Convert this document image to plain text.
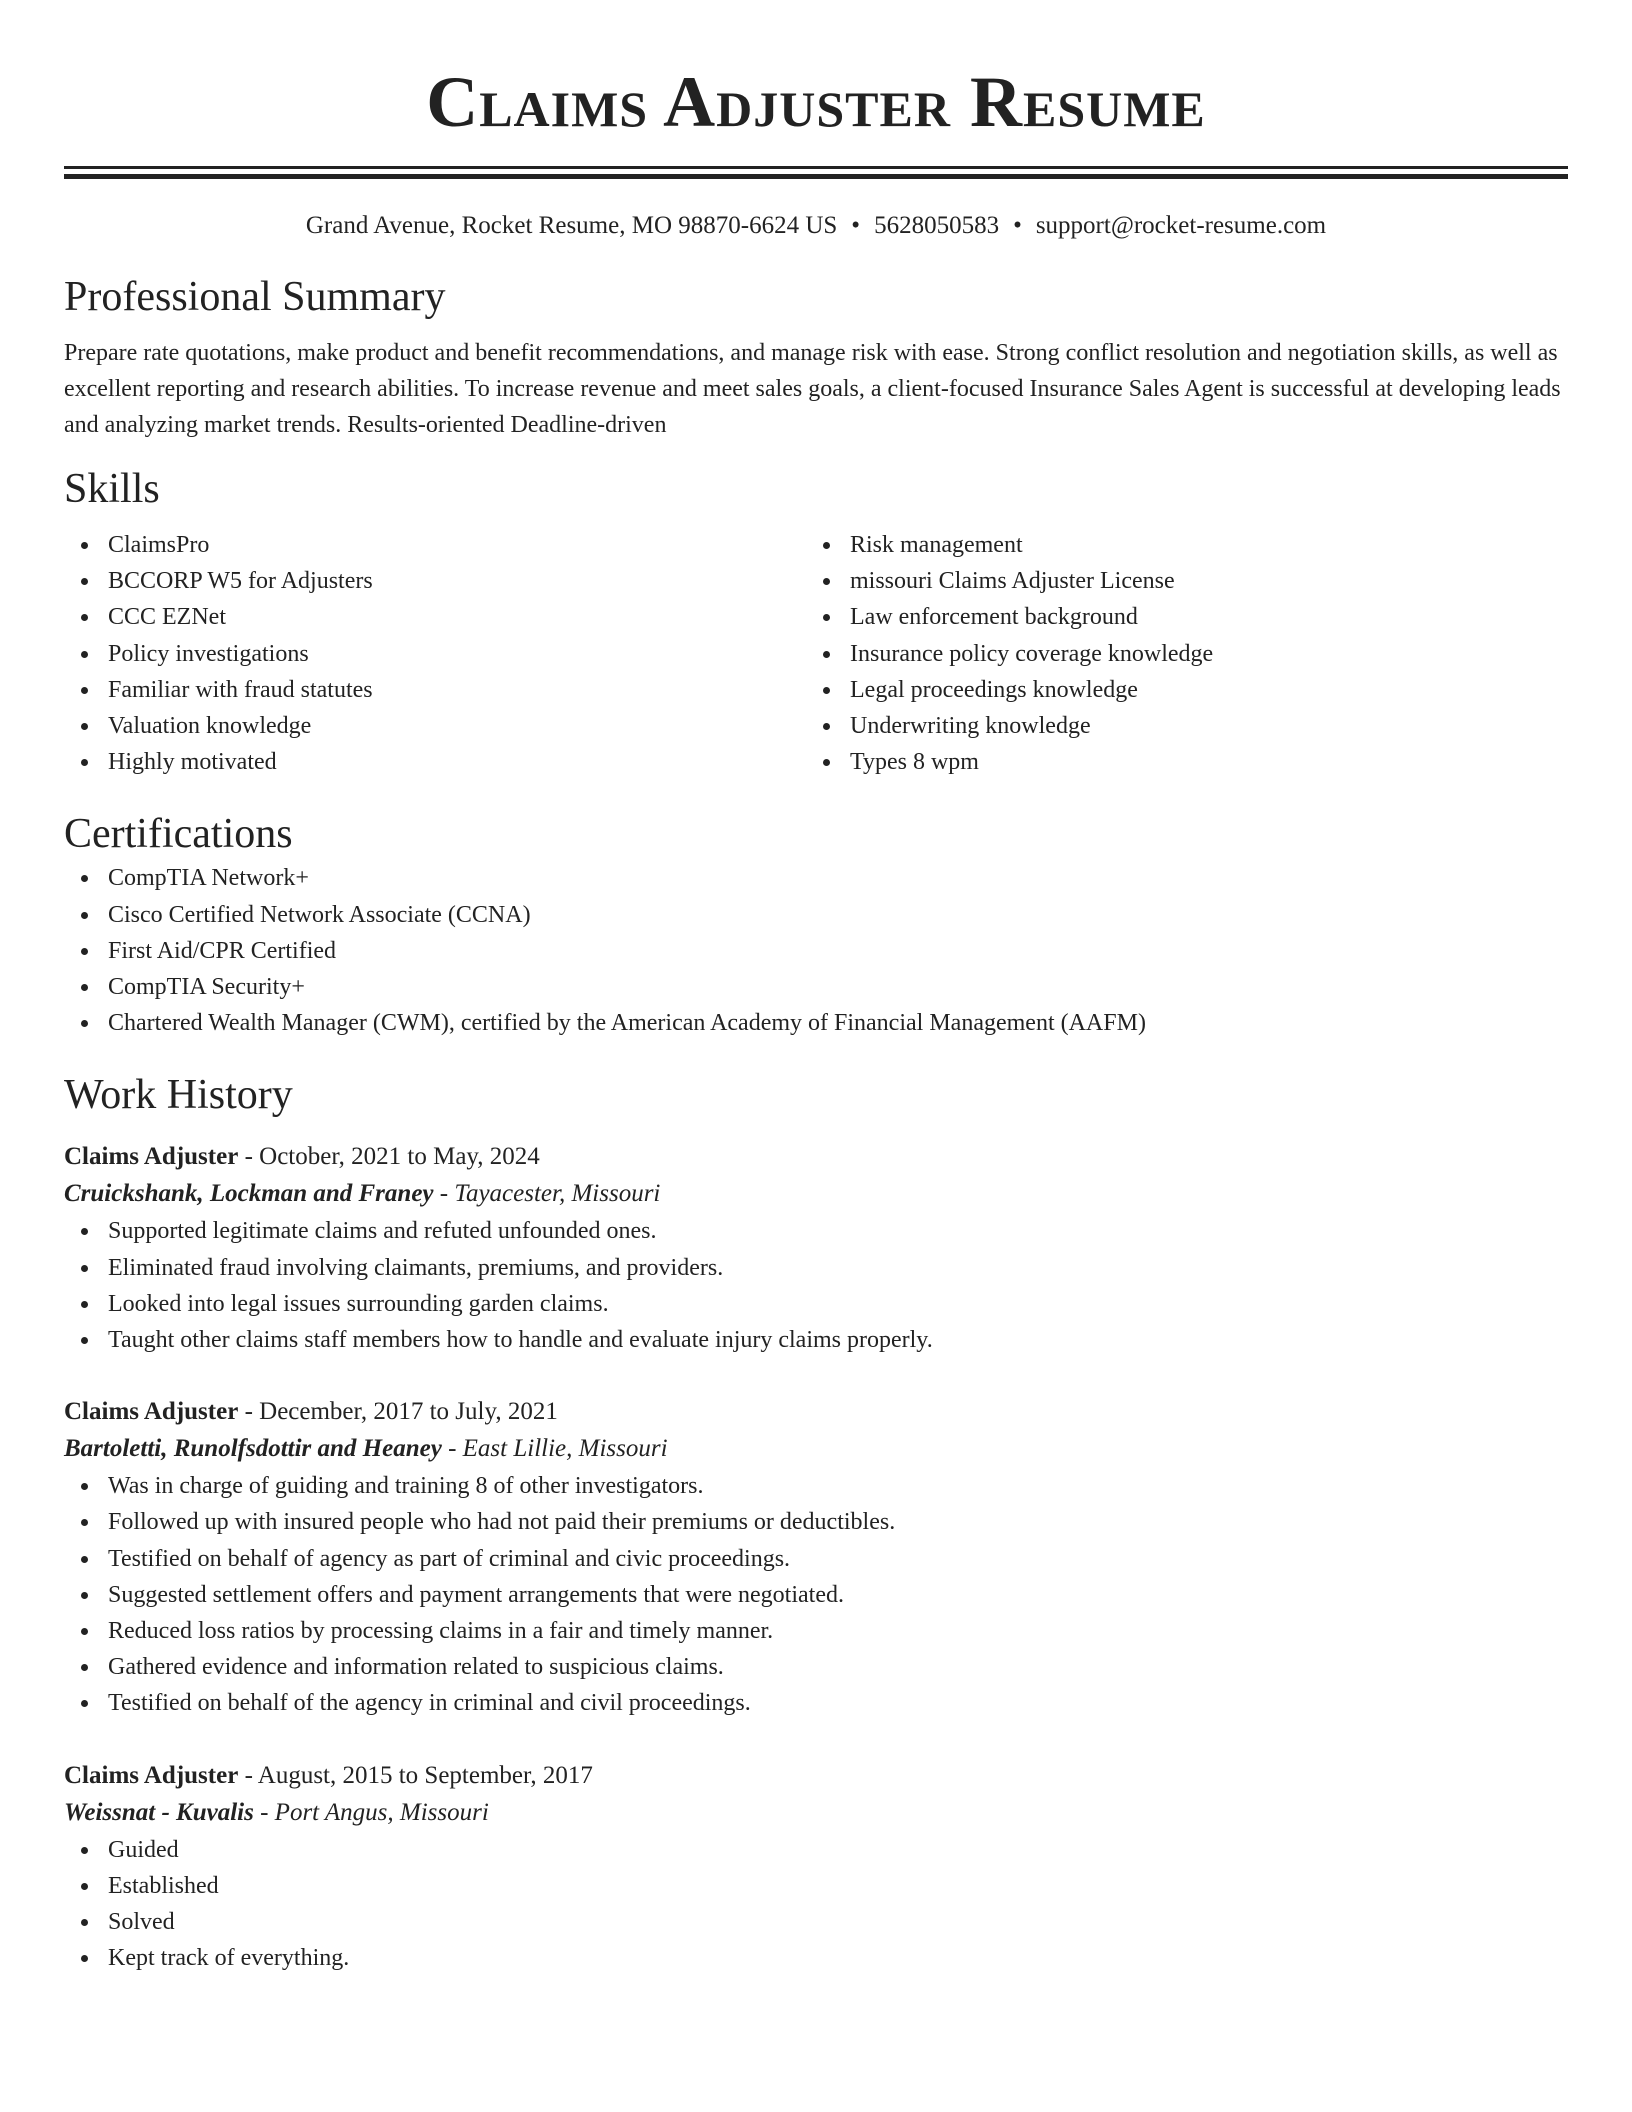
Claims Adjuster Resume
Grand Avenue, Rocket Resume, MO 98870-6624 US • 5628050583 • support@rocket-resume.com
Professional Summary

Prepare rate quotations, make product and benefit recommendations, and manage risk with ease. Strong conflict resolution and negotiation skills, as well as excellent reporting and research abilities. To increase revenue and meet sales goals, a client-focused Insurance Sales Agent is successful at developing leads and analyzing market trends. Results-oriented Deadline-driven

Skills
ClaimsPro
BCCORP W5 for Adjusters
CCC EZNet
Policy investigations
Familiar with fraud statutes
Valuation knowledge
Highly motivated
Risk management
missouri Claims Adjuster License
Law enforcement background
Insurance policy coverage knowledge
Legal proceedings knowledge
Underwriting knowledge
Types 8 wpm
Certifications
CompTIA Network+
Cisco Certified Network Associate (CCNA)
First Aid/CPR Certified
CompTIA Security+
Chartered Wealth Manager (CWM), certified by the American Academy of Financial Management (AAFM)
Work History
Claims Adjuster - October, 2021 to May, 2024
Cruickshank, Lockman and Franey - Tayacester, Missouri
Supported legitimate claims and refuted unfounded ones.
Eliminated fraud involving claimants, premiums, and providers.
Looked into legal issues surrounding garden claims.
Taught other claims staff members how to handle and evaluate injury claims properly.
Claims Adjuster - December, 2017 to July, 2021
Bartoletti, Runolfsdottir and Heaney - East Lillie, Missouri
Was in charge of guiding and training 8 of other investigators.
Followed up with insured people who had not paid their premiums or deductibles.
Testified on behalf of agency as part of criminal and civic proceedings.
Suggested settlement offers and payment arrangements that were negotiated.
Reduced loss ratios by processing claims in a fair and timely manner.
Gathered evidence and information related to suspicious claims.
Testified on behalf of the agency in criminal and civil proceedings.
Claims Adjuster - August, 2015 to September, 2017
Weissnat - Kuvalis - Port Angus, Missouri
Guided
Established
Solved
Kept track of everything.
